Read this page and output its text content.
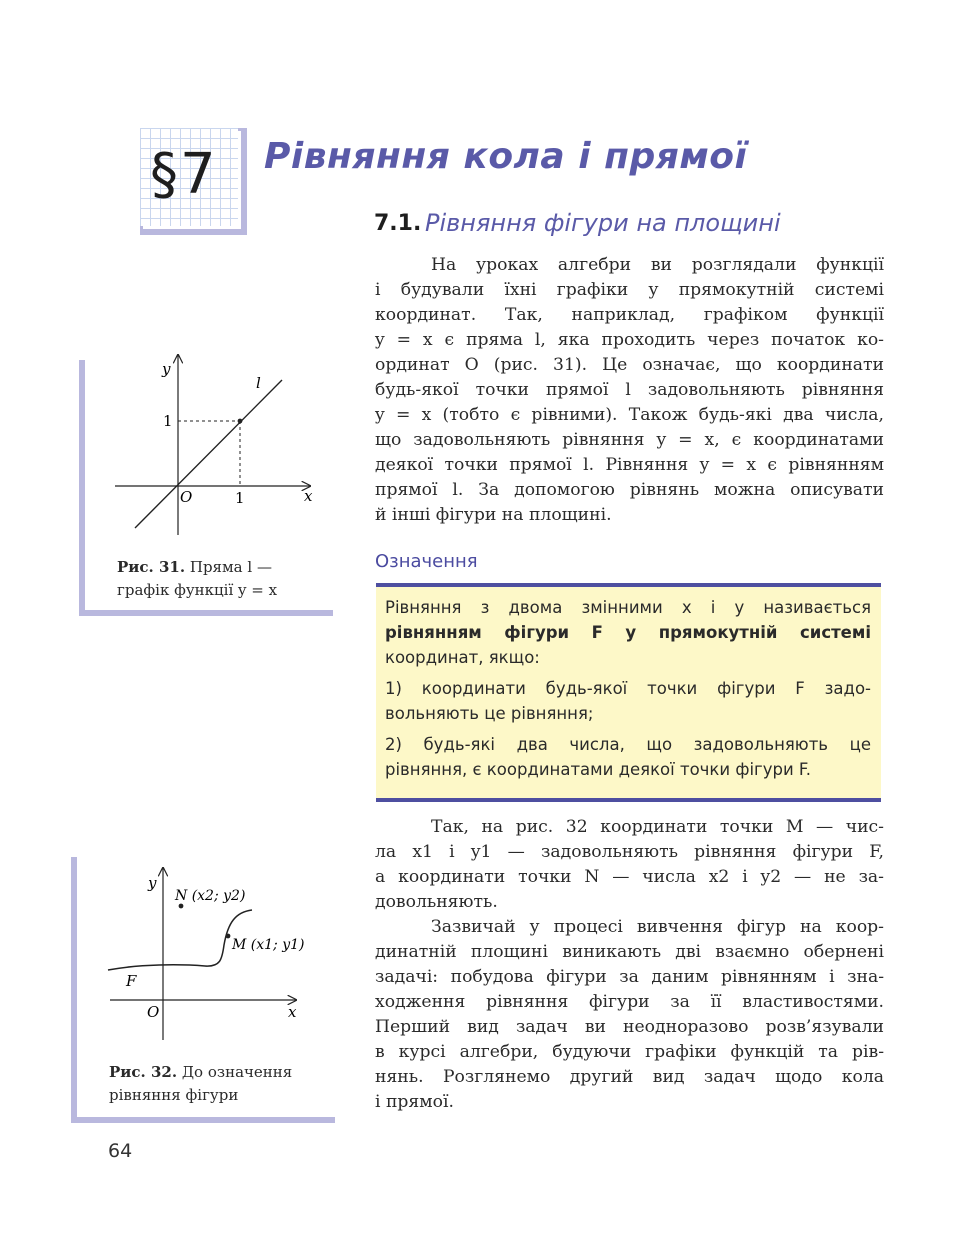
§7 Рівняння кола і прямої
7.1. Рівняння фігури на площині
На уроках алгебри ви розглядали функції
і будували їхні графіки у прямокутній системі
координат. Так, наприклад, графіком функції
y = x є пряма l, яка проходить через початок ко-
ординат O (рис. 31). Це означає, що координати
будь-якої точки прямої l задовольняють рівняння
y = x (тобто є рівними). Також будь-які два числа,
що задовольняють рівняння y = x, є координатами
деякої точки прямої l. Рівняння y = x є рівнянням
прямої l. За допомогою рівнянь можна описувати
й інші фігури на площині.
Означення
Рівняння з двома змінними x і y називається
рівнянням фігури F у прямокутній системі
координат, якщо:
1) координати будь-якої точки фігури F задо-
вольняють це рівняння;
2) будь-які два числа, що задовольняють це
рівняння, є координатами деякої точки фігури F.
Так, на рис. 32 координати точки M — чис-
ла x1 і y1 — задовольняють рівняння фігури F,
а координати точки N — числа x2 і y2 — не за-
довольняють.
Зазвичай у процесі вивчення фігур на коор-
динатній площині виникають дві взаємно обернені
задачі: побудова фігури за даним рівнянням і зна-
ходження рівняння фігури за її властивостями.
Перший вид задач ви неодноразово розв’язували
в курсі алгебри, будуючи графіки функцій та рів-
нянь. Розглянемо другий вид задач щодо кола
і прямої.
y
x
l
O	1
1
Рис. 31. Пряма l —
графік функції y = x
y
x
O
F
N (x2; y2)
M (x1; y1)
Рис. 32. До означення
рівняння фігури
64
